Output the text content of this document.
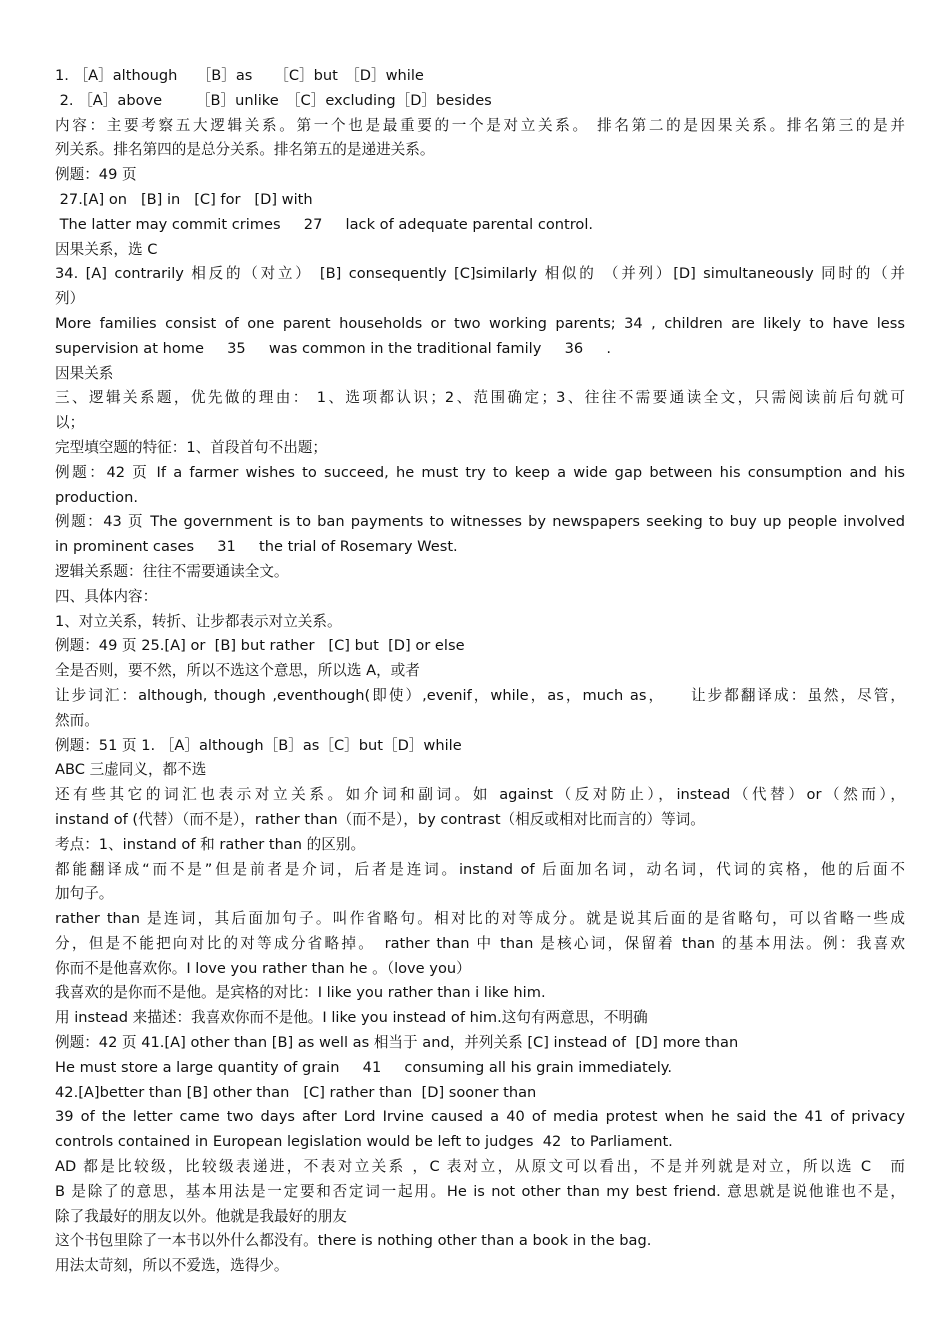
1. ［A］although　 ［B］as　　［C］but　［D］while
2. ［A］above　　 ［B］unlike　［C］excluding［D］besides
内容：主要考察五大逻辑关系。第一个也是最重要的一个是对立关系。 排名第二的是因果关系。排名第三的是并
列关系。排名第四的是总分关系。排名第五的是递进关系。
例题：49 页
27.[A] on   [B] in   [C] for   [D] with
The latter may commit crimes     27     lack of adequate parental control.
因果关系，选 C
34. [A] contrarily 相反的（对立） [B] consequently [C]similarly 相似的 （并列）[D] simultaneously 同时的（并
列）
More families consist of one parent households or two working parents; 34 , children are likely to have less
supervision at home     35     was common in the traditional family     36     .
因果关系
三、逻辑关系题，优先做的理由： 1、选项都认识；2、范围确定；3、往往不需要通读全文，只需阅读前后句就可
以；
完型填空题的特征：1、首段首句不出题；
例题：42 页 If a farmer wishes to succeed, he must try to keep a wide gap between his consumption and his
production.
例题：43 页 The government is to ban payments to witnesses by newspapers seeking to buy up people involved
in prominent cases     31     the trial of Rosemary West.
逻辑关系题：往往不需要通读全文。
四、具体内容：
1、对立关系，转折、让步都表示对立关系。
例题：49 页 25.[A] or  [B] but rather   [C] but  [D] or else
全是否则，要不然，所以不选这个意思，所以选 A，或者
让步词汇：although, though ,eventhough(即使）,evenif，while，as，much as，　　让步都翻译成：虽然，尽管，
然而。
例题：51 页 1. ［A］although［B］as［C］but［D］while
ABC 三虚同义，都不选
还有些其它的词汇也表示对立关系。如介词和副词。如 against（反对防止），instead（代替）or（然而），
instand of (代替）（而不是），rather than（而不是），by contrast（相反或相对比而言的）等词。
考点：1、instand of 和 rather than 的区别。
都能翻译成“而不是”但是前者是介词，后者是连词。instand of 后面加名词，动名词，代词的宾格，他的后面不
加句子。
rather than 是连词，其后面加句子。叫作省略句。相对比的对等成分。就是说其后面的是省略句，可以省略一些成
分，但是不能把向对比的对等成分省略掉。　rather than 中 than 是核心词，保留着 than 的基本用法。例：我喜欢
你而不是他喜欢你。I love you rather than he 。（love you）
我喜欢的是你而不是他。是宾格的对比：I like you rather than i like him.
用 instead 来描述：我喜欢你而不是他。I like you instead of him.这句有两意思，不明确
例题：42 页 41.[A] other than [B] as well as 相当于 and，并列关系 [C] instead of  [D] more than
He must store a large quantity of grain     41     consuming all his grain immediately.
42.[A]better than [B] other than   [C] rather than  [D] sooner than
39 of the letter came two days after Lord Irvine caused a 40 of media protest when he said the 41 of privacy
controls contained in European legislation would be left to judges  42  to Parliament.
AD 都是比较级，比较级表递进，不表对立关系 ，C 表对立，从原文可以看出，不是并列就是对立，所以选 C　而
B 是除了的意思，基本用法是一定要和否定词一起用。He is not other than my best friend. 意思就是说他谁也不是，
除了我最好的朋友以外。他就是我最好的朋友
这个书包里除了一本书以外什么都没有。there is nothing other than a book in the bag.
用法太苛刻，所以不爱选，选得少。
